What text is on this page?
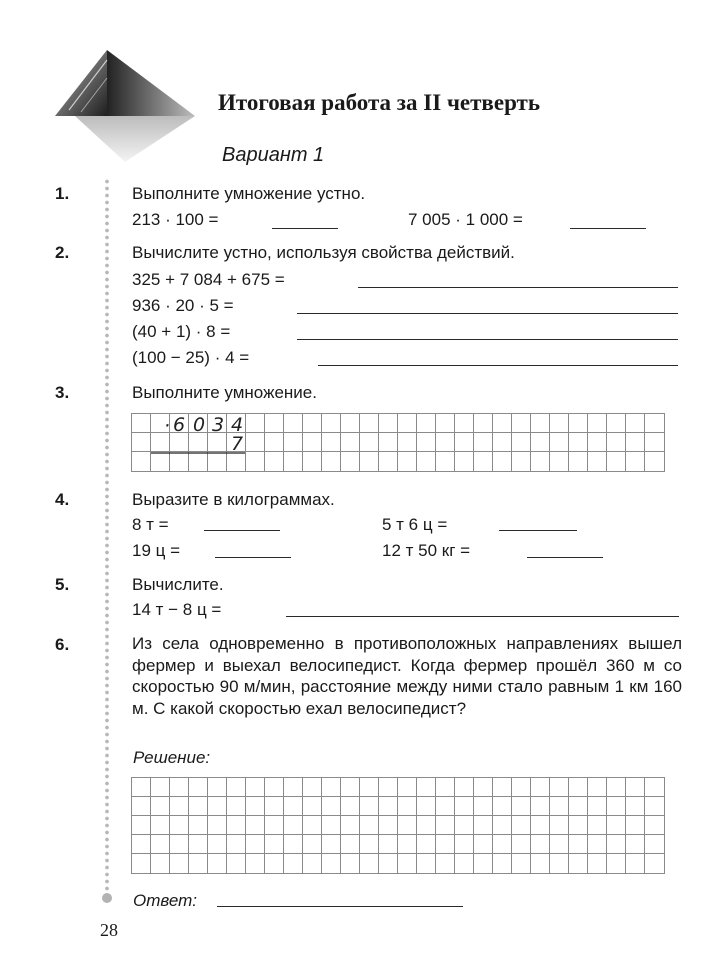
Итоговая работа за II четверть
Вариант 1
1.	Выполните умножение устно.
213 · 100 =	7 005 · 1 000 =
2.	Вычислите устно, используя свойства действий.
325 + 7 084 + 675 =
936 · 20 · 5 =
(40 + 1) · 8 =
(100 − 25) · 4 =
3.	Выполните умножение.
· 6 0 3 4
7
4.	Выразите в килограммах.
8 т =	5 т 6 ц =
19 ц =	12 т 50 кг =
5.	Вычислите.
14 т − 8 ц =
6.	Из села одновременно в противоположных направлениях вышел фермер и выехал велосипедист. Когда фермер прошёл 360 м со скоростью 90 м/мин, расстояние между ними стало равным 1 км 160 м. С какой скоростью ехал велосипедист?
Решение:
Ответ:
28
